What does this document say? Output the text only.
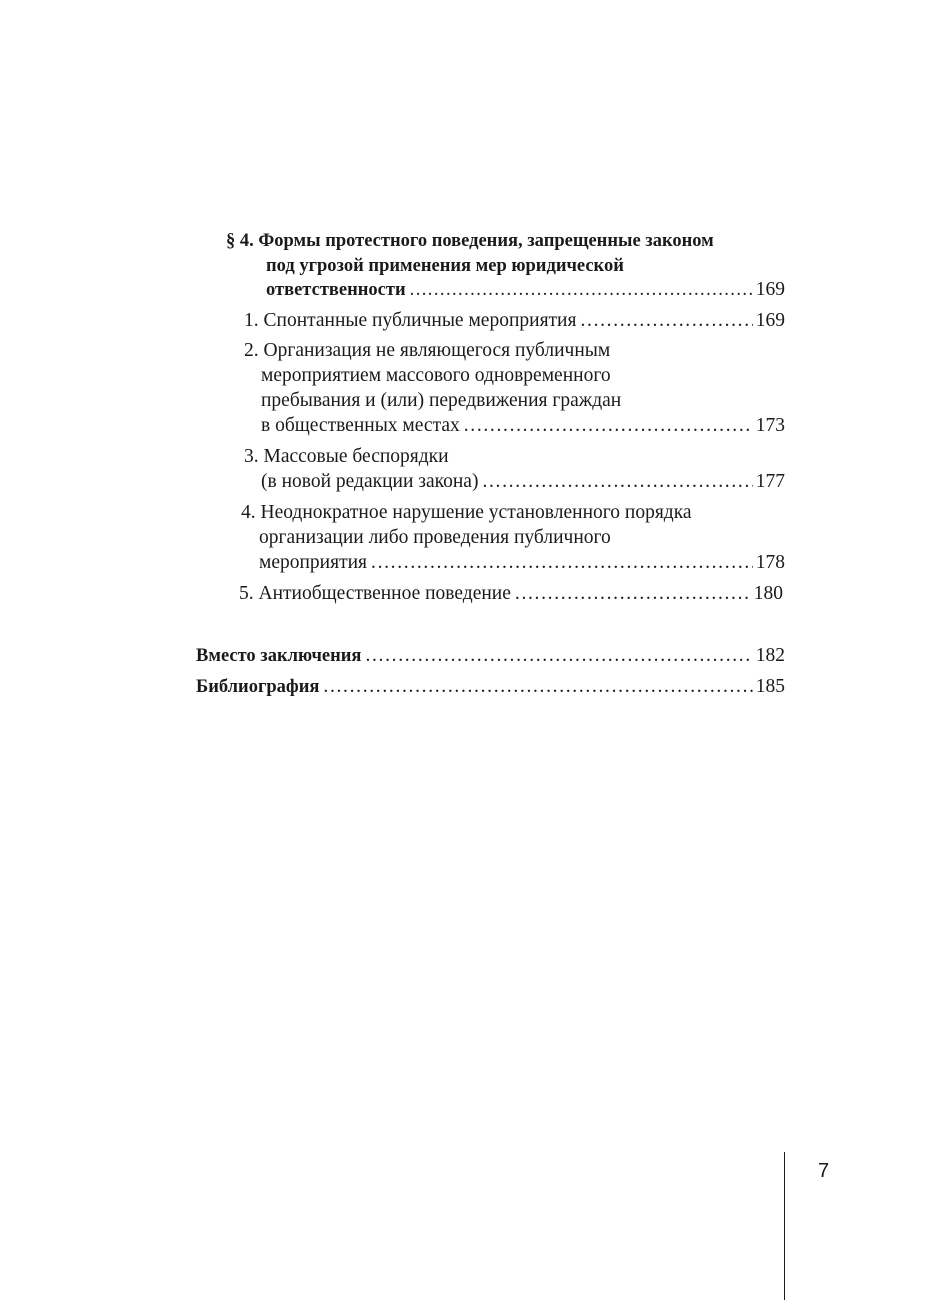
§ 4. Формы протестного поведения, запрещенные законом
под угрозой применения мер юридической
ответственности . . .	169
1. Спонтанные публичные мероприятия . . .	169
2. Организация не являющегося публичным
мероприятием массового одновременного
пребывания и (или) передвижения граждан
в общественных местах . . .	173
3. Массовые беспорядки
(в новой редакции закона) . . .	177
4. Неоднократное нарушение установленного порядка
организации либо проведения публичного
мероприятия . . .	178
5. Антиобщественное поведение . . .	180
Вместо заключения . . .	182
Библиография . . .	185
7
